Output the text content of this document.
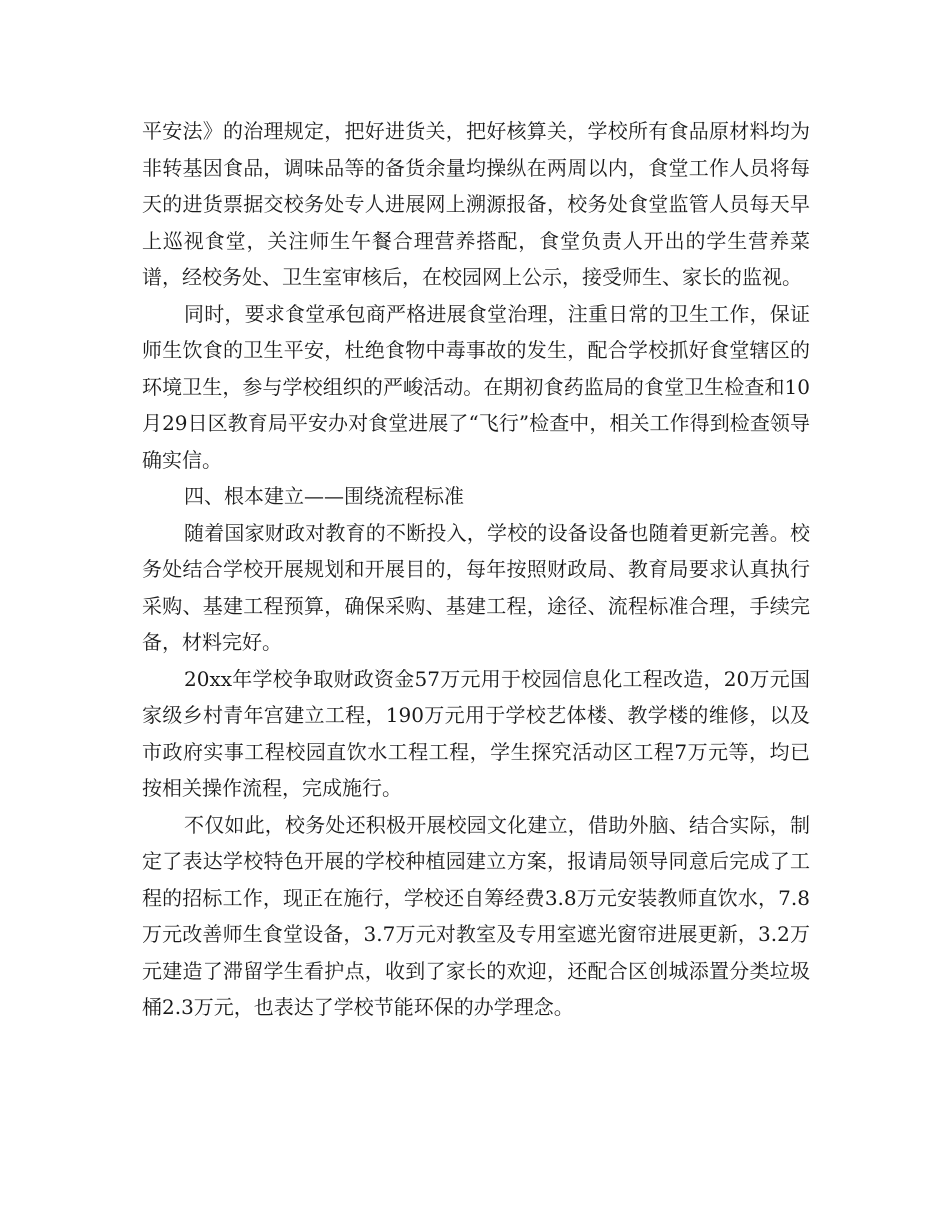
平安法》的治理规定，把好进货关，把好核算关，学校所有食品原材料均为非转基因食品，调味品等的备货余量均操纵在两周以内，食堂工作人员将每天的进货票据交校务处专人进展网上溯源报备，校务处食堂监管人员每天早上巡视食堂，关注师生午餐合理营养搭配，食堂负责人开出的学生营养菜谱，经校务处、卫生室审核后，在校园网上公示，接受师生、家长的监视。

同时，要求食堂承包商严格进展食堂治理，注重日常的卫生工作，保证师生饮食的卫生平安，杜绝食物中毒事故的发生，配合学校抓好食堂辖区的环境卫生，参与学校组织的严峻活动。在期初食药监局的食堂卫生检查和10月29日区教育局平安办对食堂进展了“飞行”检查中，相关工作得到检查领导确实信。

四、根本建立——围绕流程标准

随着国家财政对教育的不断投入，学校的设备设备也随着更新完善。校务处结合学校开展规划和开展目的，每年按照财政局、教育局要求认真执行采购、基建工程预算，确保采购、基建工程，途径、流程标准合理，手续完备，材料完好。

20xx年学校争取财政资金57万元用于校园信息化工程改造，20万元国家级乡村青年宫建立工程，190万元用于学校艺体楼、教学楼的维修，以及市政府实事工程校园直饮水工程工程，学生探究活动区工程7万元等，均已按相关操作流程，完成施行。

不仅如此，校务处还积极开展校园文化建立，借助外脑、结合实际，制定了表达学校特色开展的学校种植园建立方案，报请局领导同意后完成了工程的招标工作，现正在施行，学校还自筹经费3.8万元安装教师直饮水，7.8万元改善师生食堂设备，3.7万元对教室及专用室遮光窗帘进展更新，3.2万元建造了滞留学生看护点，收到了家长的欢迎，还配合区创城添置分类垃圾桶2.3万元，也表达了学校节能环保的办学理念。
